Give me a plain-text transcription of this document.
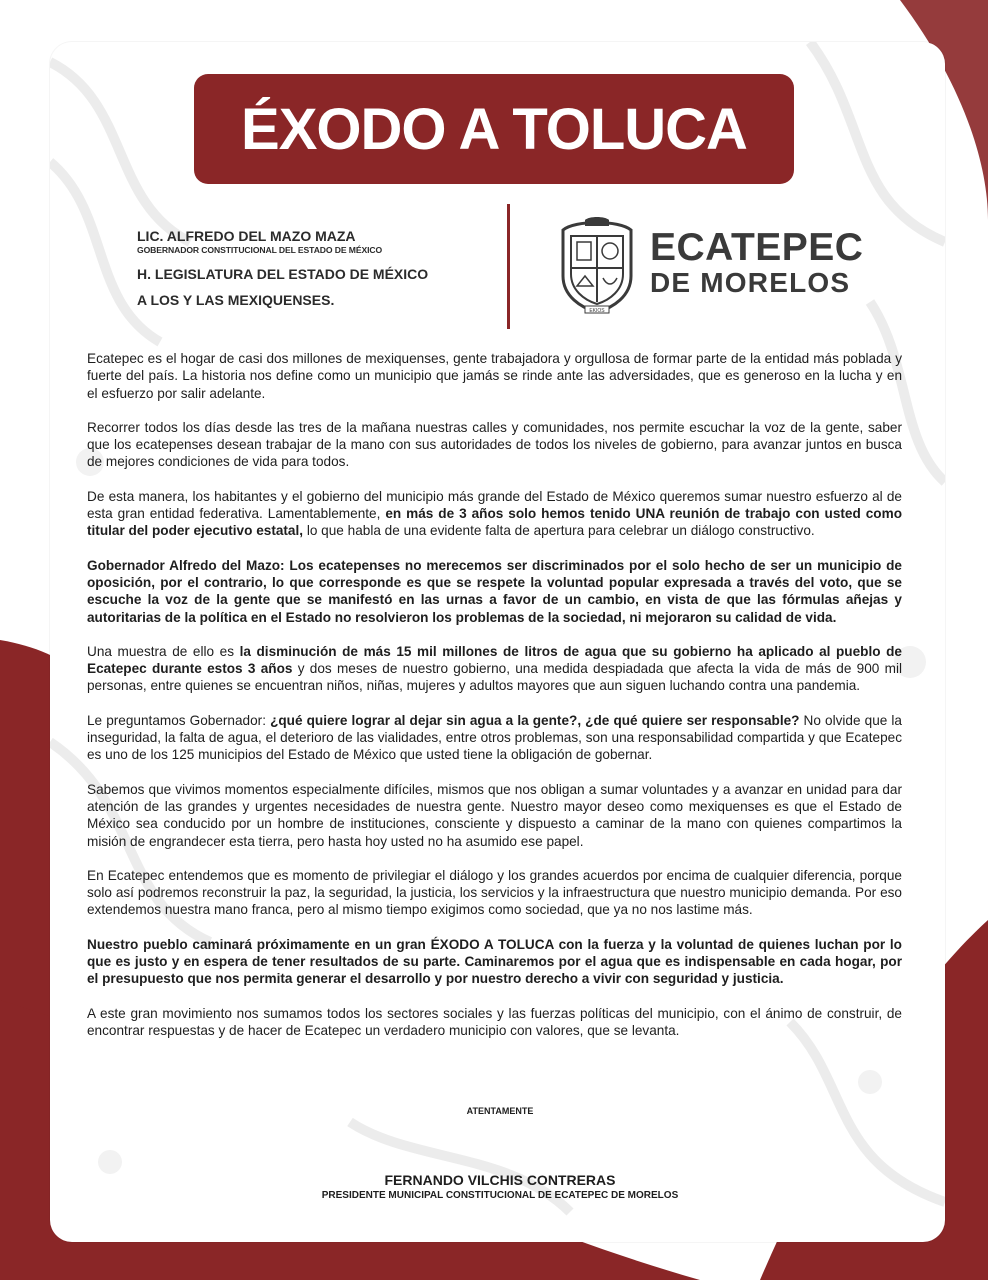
ÉXODO A TOLUCA
LIC. ALFREDO DEL MAZO MAZA
GOBERNADOR CONSTITUCIONAL DEL ESTADO DE MÉXICO
H. LEGISLATURA DEL ESTADO DE MÉXICO
A LOS Y LAS MEXIQUENSES.
EKIOS
ECATEPEC
DE MORELOS

Ecatepec es el hogar de casi dos millones de mexiquenses, gente trabajadora y orgullosa de formar parte de la entidad más poblada y fuerte del país. La historia nos define como un municipio que jamás se rinde ante las adversidades, que es generoso en la lucha y en el esfuerzo por salir adelante.

Recorrer todos los días desde las tres de la mañana nuestras calles y comunidades, nos permite escuchar la voz de la gente, saber que los ecatepenses desean trabajar de la mano con sus autoridades de todos los niveles de gobierno, para avanzar juntos en busca de mejores condiciones de vida para todos.

De esta manera, los habitantes y el gobierno del municipio más grande del Estado de México queremos sumar nuestro esfuerzo al de esta gran entidad federativa. Lamentablemente, en más de 3 años solo hemos tenido UNA reunión de trabajo con usted como titular del poder ejecutivo estatal, lo que habla de una evidente falta de apertura para celebrar un diálogo constructivo.

Gobernador Alfredo del Mazo: Los ecatepenses no merecemos ser discriminados por el solo hecho de ser un municipio de oposición, por el contrario, lo que corresponde es que se respete la voluntad popular expresada a través del voto, que se escuche la voz de la gente que se manifestó en las urnas a favor de un cambio, en vista de que las fórmulas añejas y autoritarias de la política en el Estado no resolvieron los problemas de la sociedad, ni mejoraron su calidad de vida.

Una muestra de ello es la disminución de más 15 mil millones de litros de agua que su gobierno ha aplicado al pueblo de Ecatepec durante estos 3 años y dos meses de nuestro gobierno, una medida despiadada que afecta la vida de más de 900 mil personas, entre quienes se encuentran niños, niñas, mujeres y adultos mayores que aun siguen luchando contra una pandemia.

Le preguntamos Gobernador: ¿qué quiere lograr al dejar sin agua a la gente?, ¿de qué quiere ser responsable? No olvide que la inseguridad, la falta de agua, el deterioro de las vialidades, entre otros problemas, son una responsabilidad compartida y que Ecatepec es uno de los 125 municipios del Estado de México que usted tiene la obligación de gobernar.

Sabemos que vivimos momentos especialmente difíciles, mismos que nos obligan a sumar voluntades y a avanzar en unidad para dar atención de las grandes y urgentes necesidades de nuestra gente. Nuestro mayor deseo como mexiquenses es que el Estado de México sea conducido por un hombre de instituciones, consciente y dispuesto a caminar de la mano con quienes compartimos la misión de engrandecer esta tierra, pero hasta hoy usted no ha asumido ese papel.

En Ecatepec entendemos que es momento de privilegiar el diálogo y los grandes acuerdos por encima de cualquier diferencia, porque solo así podremos reconstruir la paz, la seguridad, la justicia, los servicios y la infraestructura que nuestro municipio demanda. Por eso extendemos nuestra mano franca, pero al mismo tiempo exigimos como sociedad, que ya no nos lastime más.

Nuestro pueblo caminará próximamente en un gran ÉXODO A TOLUCA con la fuerza y la voluntad de quienes luchan por lo que es justo y en espera de tener resultados de su parte. Caminaremos por el agua que es indispensable en cada hogar, por el presupuesto que nos permita generar el desarrollo y por nuestro derecho a vivir con seguridad y justicia.

A este gran movimiento nos sumamos todos los sectores sociales y las fuerzas políticas del municipio, con el ánimo de construir, de encontrar respuestas y de hacer de Ecatepec un verdadero municipio con valores, que se levanta.

ATENTAMENTE
FERNANDO VILCHIS CONTRERAS
PRESIDENTE MUNICIPAL CONSTITUCIONAL DE ECATEPEC DE MORELOS
